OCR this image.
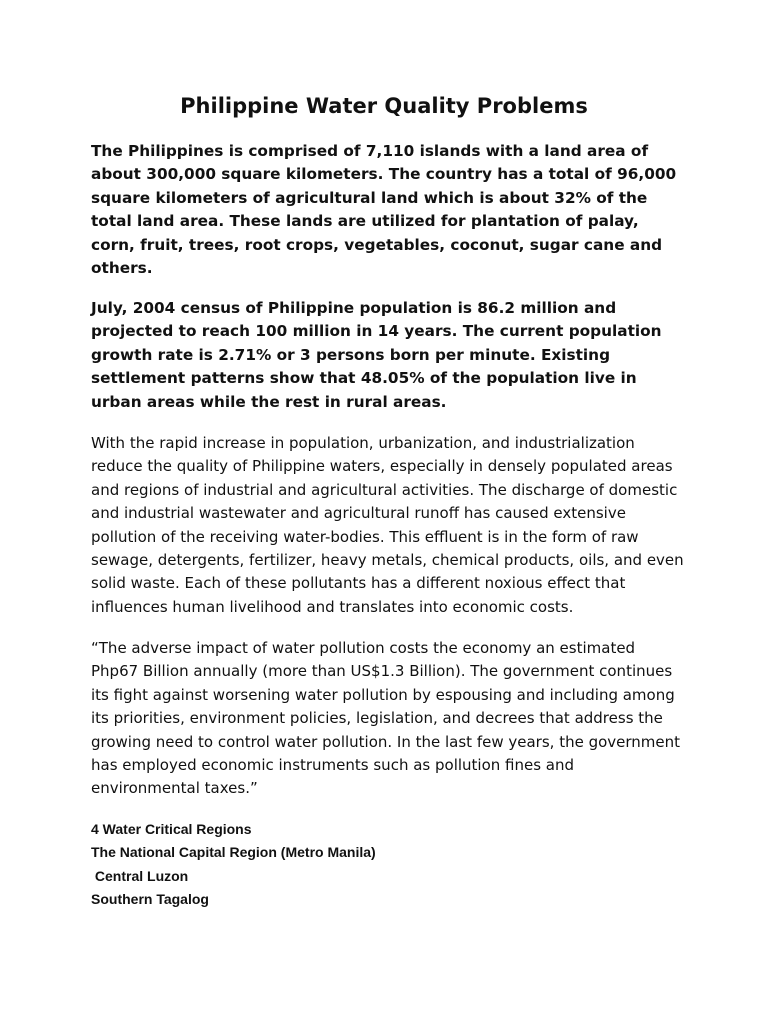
Philippine Water Quality Problems

The Philippines is comprised of 7,110 islands with a land area of about 300,000 square kilometers. The country has a total of 96,000 square kilometers of agricultural land which is about 32% of the total land area. These lands are utilized for plantation of palay, corn, fruit, trees, root crops, vegetables, coconut, sugar cane and others.

July, 2004 census of Philippine population is 86.2 million and projected to reach 100 million in 14 years. The current population growth rate is 2.71% or 3 persons born per minute. Existing settlement patterns show that 48.05% of the population live in urban areas while the rest in rural areas.

With the rapid increase in population, urbanization, and industrialization reduce the quality of Philippine waters, especially in densely populated areas and regions of industrial and agricultural activities. The discharge of domestic and industrial wastewater and agricultural runoff has caused extensive pollution of the receiving water-bodies. This effluent is in the form of raw sewage, detergents, fertilizer, heavy metals, chemical products, oils, and even solid waste. Each of these pollutants has a different noxious effect that influences human livelihood and translates into economic costs.

“The adverse impact of water pollution costs the economy an estimated Php67 Billion annually (more than US$1.3 Billion). The government continues its fight against worsening water pollution by espousing and including among its priorities, environment policies, legislation, and decrees that address the growing need to control water pollution. In the last few years, the government has employed economic instruments such as pollution fines and environmental taxes.”

4 Water Critical Regions
The National Capital Region (Metro Manila)
Central Luzon
Southern Tagalog
